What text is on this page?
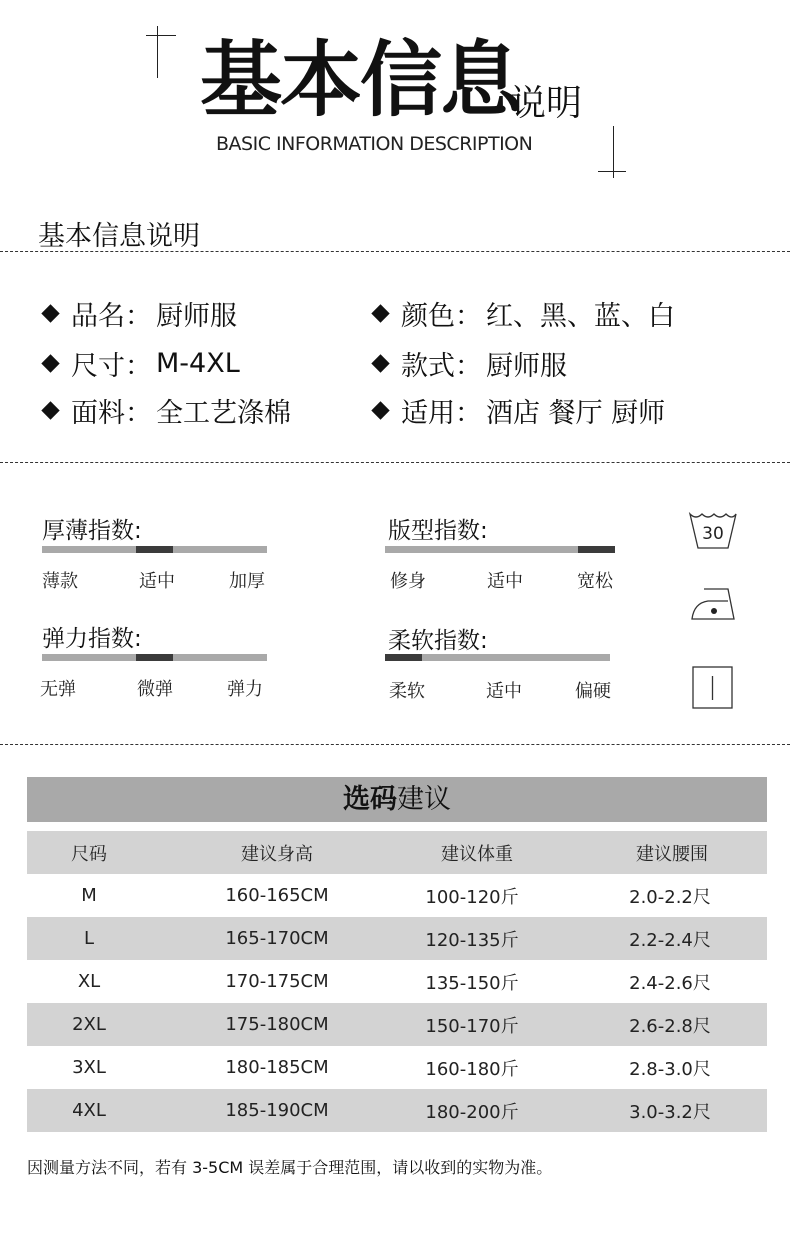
基本信息
说明
BASIC INFORMATION DESCRIPTION
基本信息说明
品名： 厨师服	颜色： 红、黑、蓝、白
尺寸： M-4XL	款式： 厨师服
面料： 全工艺涤棉	适用： 酒店 餐厅 厨师
厚薄指数:
薄款	适中	加厚
版型指数:
修身	适中	宽松
弹力指数:
无弹	微弹	弹力
柔软指数:
柔软	适中	偏硬
30
选码建议
尺码	建议身高	建议体重	建议腰围
M	160-165CM	100-120斤	2.0-2.2尺
L	165-170CM	120-135斤	2.2-2.4尺
XL	170-175CM	135-150斤	2.4-2.6尺
2XL	175-180CM	150-170斤	2.6-2.8尺
3XL	180-185CM	160-180斤	2.8-3.0尺
4XL	185-190CM	180-200斤	3.0-3.2尺
因测量方法不同，若有 3-5CM 误差属于合理范围，请以收到的实物为准。
